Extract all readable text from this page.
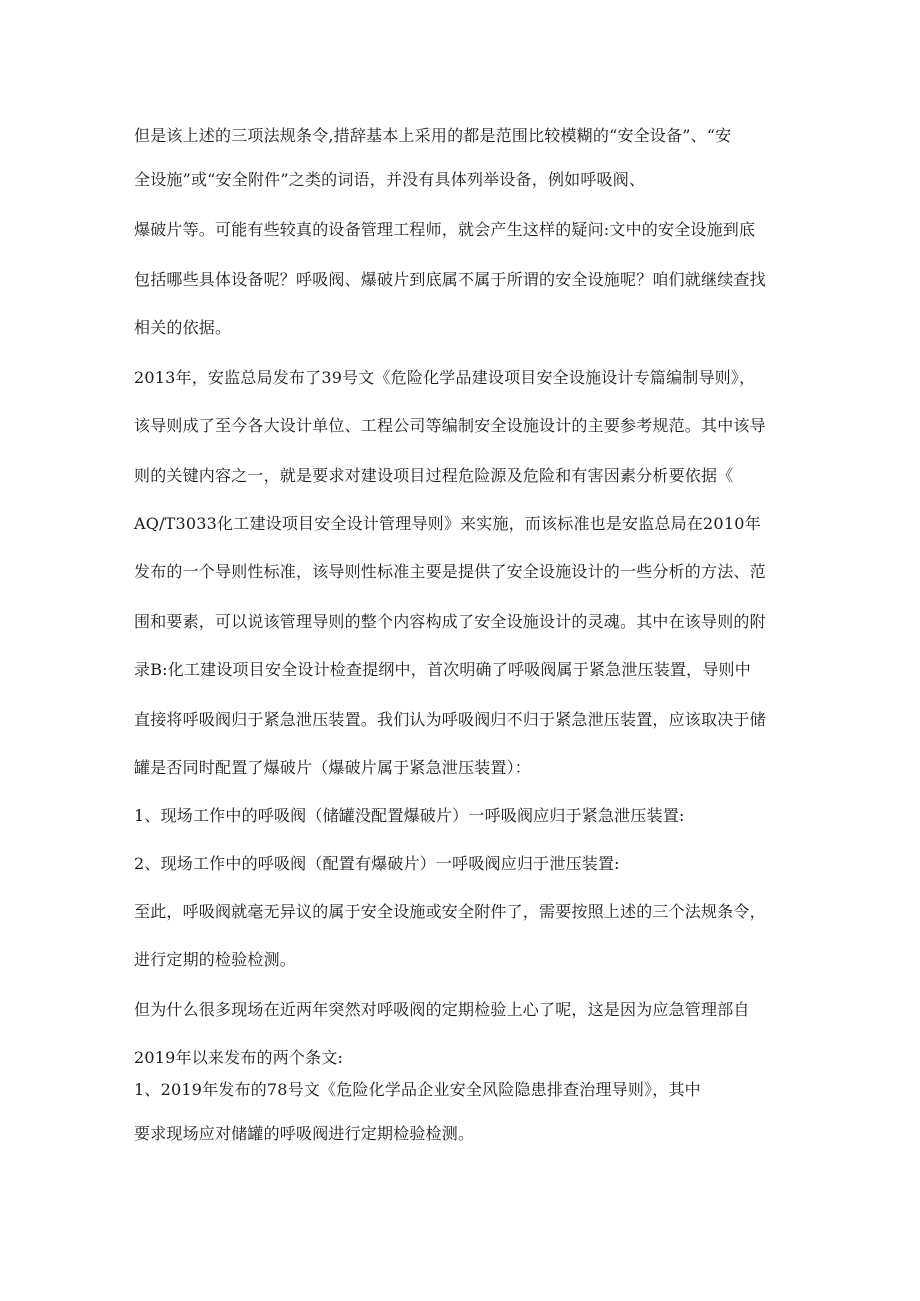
但是该上述的三项法规条令,措辞基本上采用的都是范围比较模糊的“安全设备”、“安
全设施”或“安全附件”之类的词语，并没有具体列举设备，例如呼吸阀、
爆破片等。可能有些较真的设备管理工程师，就会产生这样的疑问:文中的安全设施到底
包括哪些具体设备呢？呼吸阀、爆破片到底属不属于所谓的安全设施呢？咱们就继续查找
相关的依据。
2013年，安监总局发布了39号文《危险化学品建设项目安全设施设计专篇编制导则》，
该导则成了至今各大设计单位、工程公司等编制安全设施设计的主要参考规范。其中该导
则的关键内容之一，就是要求对建设项目过程危险源及危险和有害因素分析要依据《
AQ/T3033化工建设项目安全设计管理导则》来实施，而该标准也是安监总局在2010年
发布的一个导则性标准，该导则性标准主要是提供了安全设施设计的一些分析的方法、范
围和要素，可以说该管理导则的整个内容构成了安全设施设计的灵魂。其中在该导则的附
录B:化工建设项目安全设计检查提纲中，首次明确了呼吸阀属于紧急泄压装置，导则中
直接将呼吸阀归于紧急泄压装置。我们认为呼吸阀归不归于紧急泄压装置，应该取决于储
罐是否同时配置了爆破片（爆破片属于紧急泄压装置）：
1、现场工作中的呼吸阀（储罐没配置爆破片）一呼吸阀应归于紧急泄压装置:
2、现场工作中的呼吸阀（配置有爆破片）一呼吸阀应归于泄压装置:
至此，呼吸阀就毫无异议的属于安全设施或安全附件了，需要按照上述的三个法规条令，
进行定期的检验检测。
但为什么很多现场在近两年突然对呼吸阀的定期检验上心了呢，这是因为应急管理部自
2019年以来发布的两个条文:
1、2019年发布的78号文《危险化学品企业安全风险隐患排查治理导则》，其中
要求现场应对储罐的呼吸阀进行定期检验检测。
